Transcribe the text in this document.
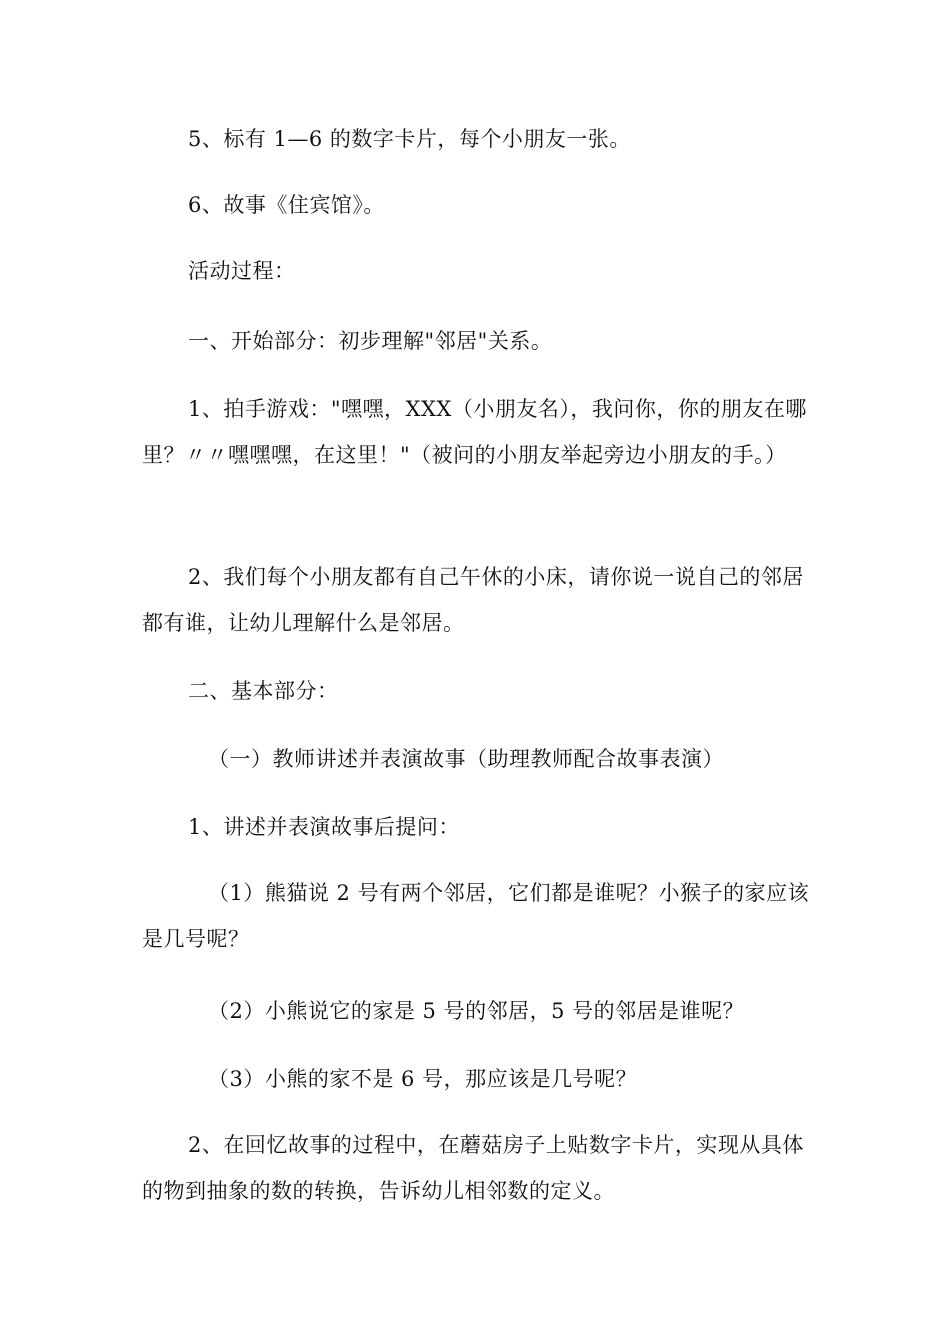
5、标有 1—6 的数字卡片，每个小朋友一张。

6、故事《住宾馆》。

活动过程：

一、开始部分：初步理解"邻居"关系。

1、拍手游戏："嘿嘿，XXX（小朋友名），我问你，你的朋友在哪里？〃〃嘿嘿嘿，在这里！"（被问的小朋友举起旁边小朋友的手。）

2、我们每个小朋友都有自己午休的小床，请你说一说自己的邻居都有谁，让幼儿理解什么是邻居。

二、基本部分：

（一）教师讲述并表演故事（助理教师配合故事表演）

1、讲述并表演故事后提问：

（1）熊猫说 2 号有两个邻居，它们都是谁呢？小猴子的家应该是几号呢？

（2）小熊说它的家是 5 号的邻居，5 号的邻居是谁呢？

（3）小熊的家不是 6 号，那应该是几号呢？

2、在回忆故事的过程中，在蘑菇房子上贴数字卡片，实现从具体的物到抽象的数的转换，告诉幼儿相邻数的定义。
